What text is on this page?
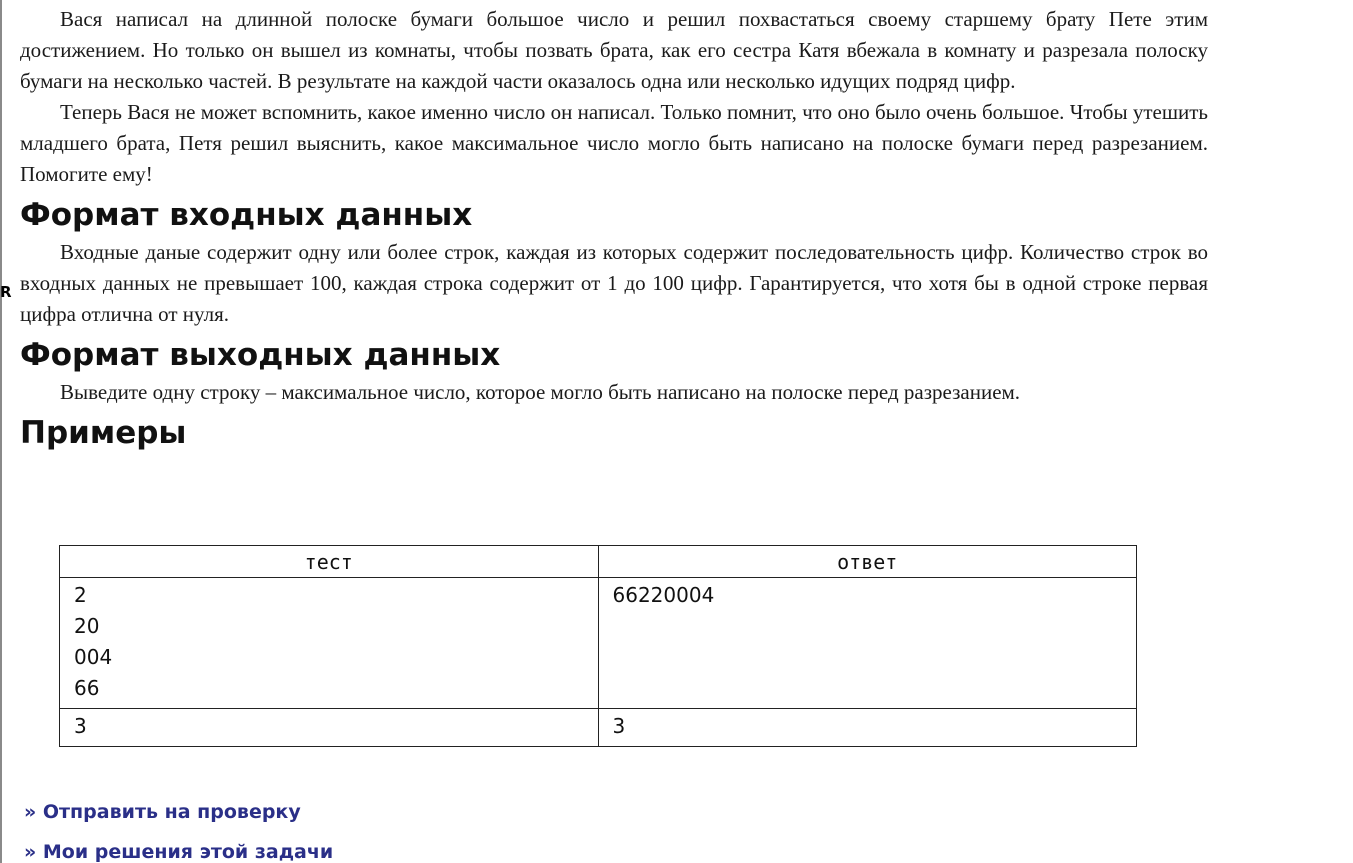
R

Вася написал на длинной полоске бумаги большое число и решил похвастаться своему старшему брату Пете этим достижением. Но только он вышел из комнаты, чтобы позвать брата, как его сестра Катя вбежала в комнату и разрезала полоску бумаги на несколько частей. В результате на каждой части оказалось одна или несколько идущих подряд цифр.

Теперь Вася не может вспомнить, какое именно число он написал. Только помнит, что оно было очень большое. Чтобы утешить младшего брата, Петя решил выяснить, какое максимальное число могло быть написано на полоске бумаги перед разрезанием. Помогите ему!

Формат входных данных

Входные даные содержит одну или более строк, каждая из которых содержит последовательность цифр. Количество строк во входных данных не превышает 100, каждая строка содержит от 1 до 100 цифр. Гарантируется, что хотя бы в одной строке первая цифра отлична от нуля.

Формат выходных данных

Выведите одну строку – максимальное число, которое могло быть написано на полоске перед разрезанием.

Примеры
тест	ответ

2
20
004
66	66220004

3	3
» Отправить на проверку
» Мои решения этой задачи
